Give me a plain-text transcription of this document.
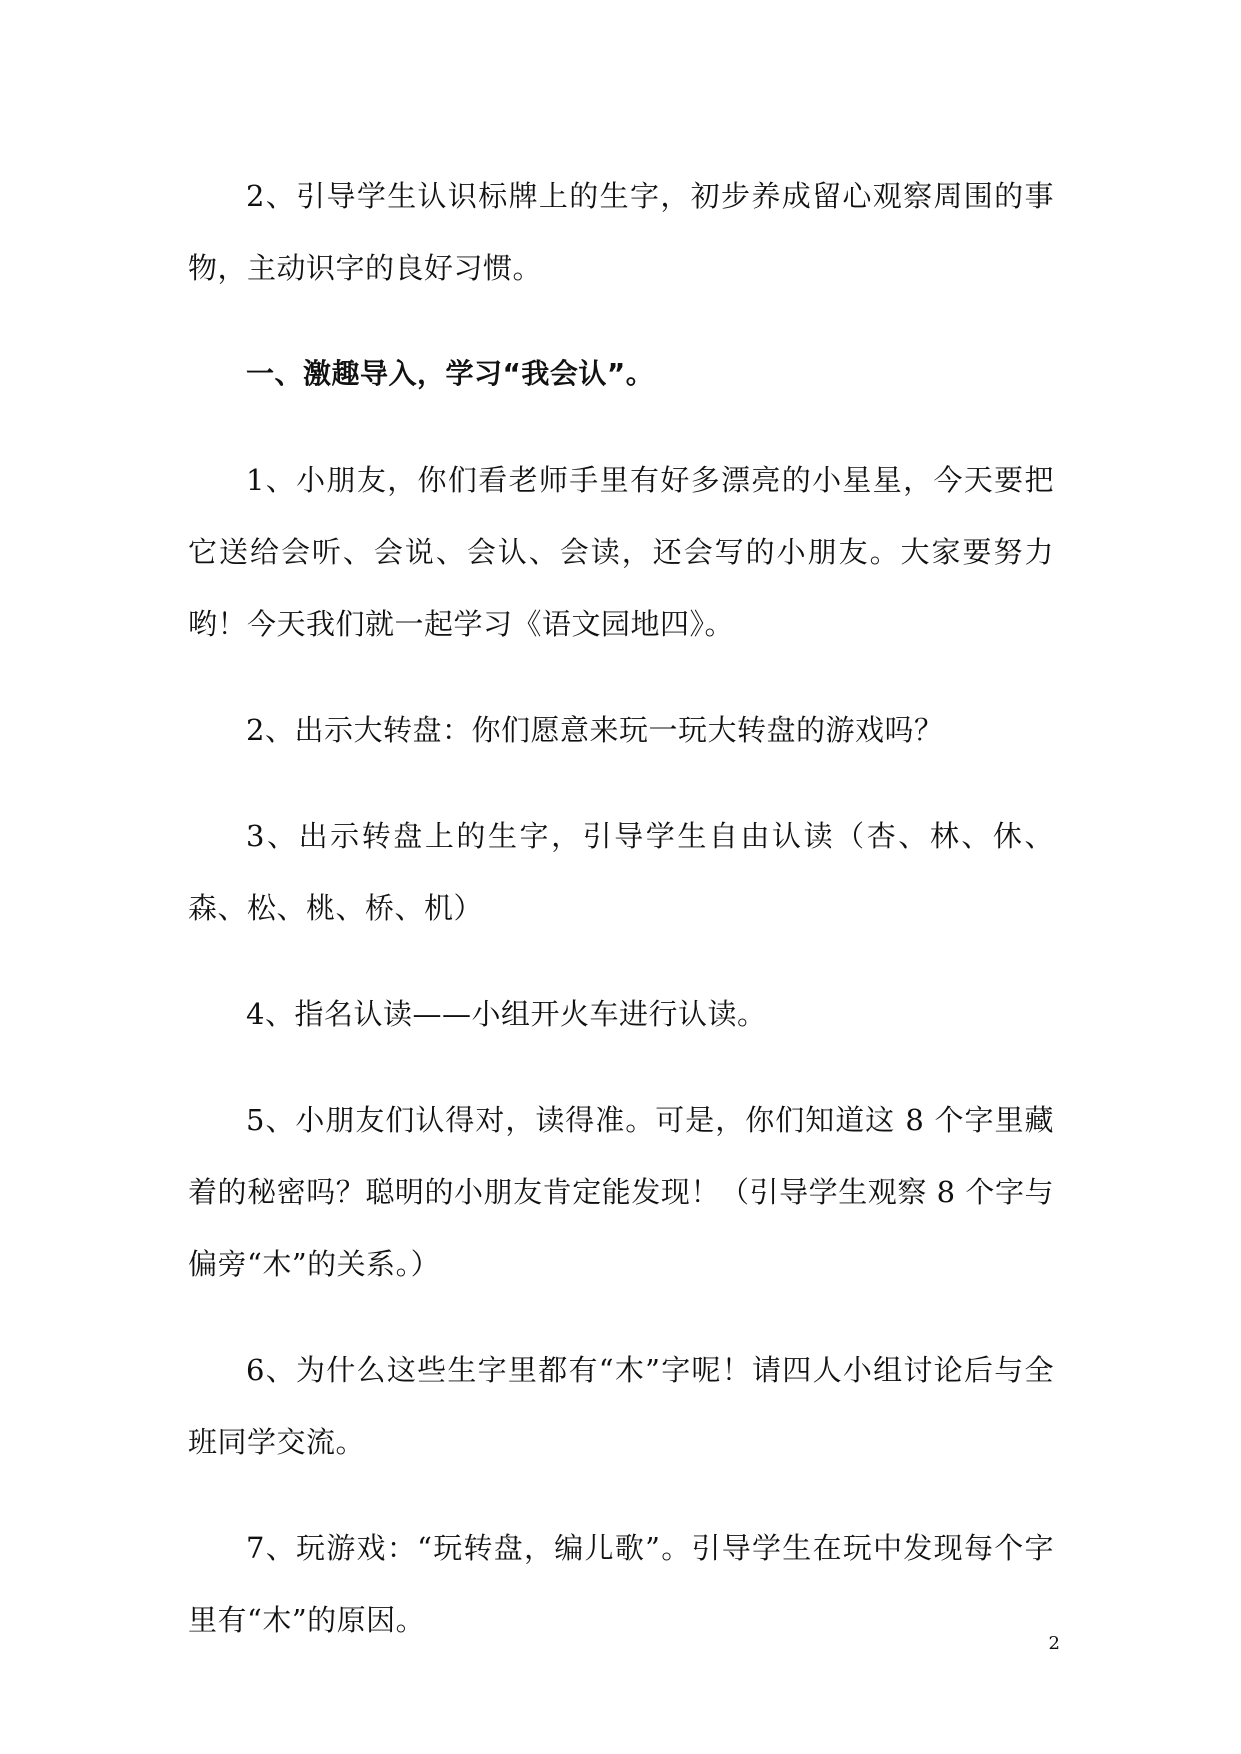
2、引导学生认识标牌上的生字，初步养成留心观察周围的事物，主动识字的良好习惯。

一、激趣导入，学习“我会认”。

1、小朋友，你们看老师手里有好多漂亮的小星星，今天要把它送给会听、会说、会认、会读，还会写的小朋友。大家要努力哟！今天我们就一起学习《语文园地四》。

2、出示大转盘：你们愿意来玩一玩大转盘的游戏吗？

3、出示转盘上的生字，引导学生自由认读（杏、林、休、森、松、桃、桥、机）

4、指名认读——小组开火车进行认读。

5、小朋友们认得对，读得准。可是，你们知道这 8 个字里藏着的秘密吗？聪明的小朋友肯定能发现！（引导学生观察 8 个字与偏旁“木”的关系。）

6、为什么这些生字里都有“木”字呢！请四人小组讨论后与全班同学交流。

7、玩游戏：“玩转盘，编儿歌”。引导学生在玩中发现每个字里有“木”的原因。

2
